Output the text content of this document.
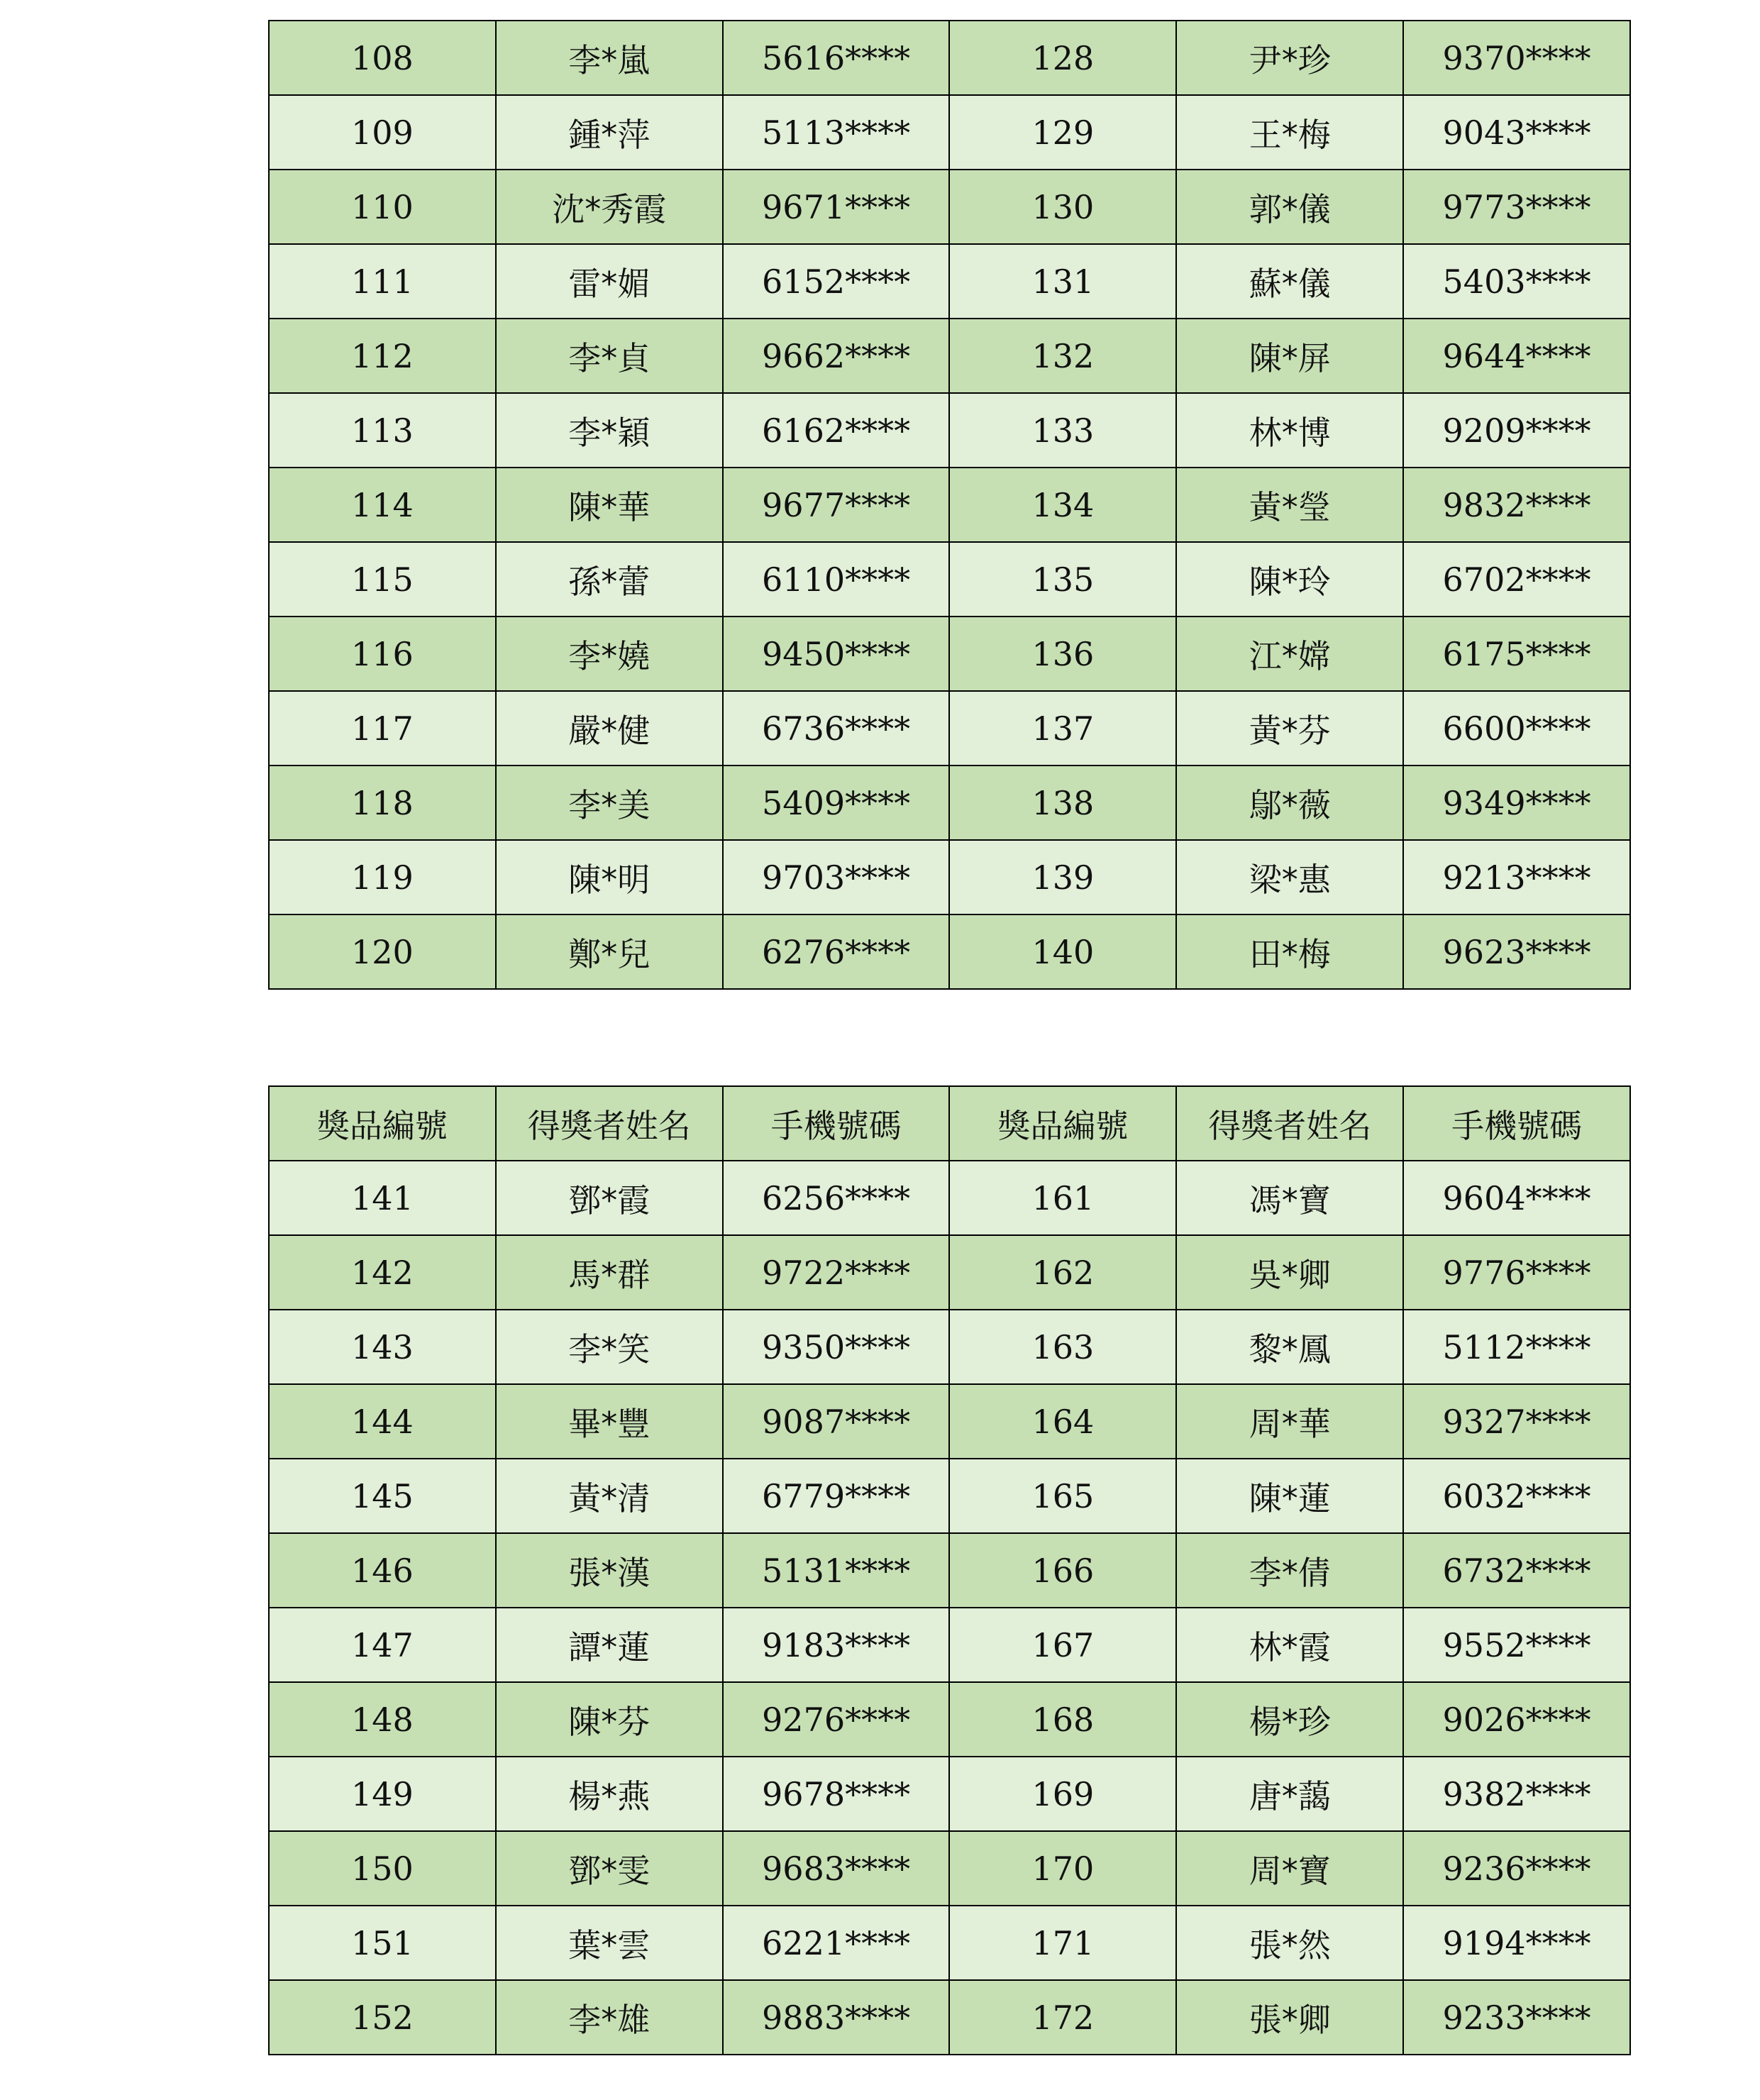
108	李*嵐	5616****	128	尹*珍	9370****
109	鍾*萍	5113****	129	王*梅	9043****
110	沈*秀霞	9671****	130	郭*儀	9773****
111	雷*媚	6152****	131	蘇*儀	5403****
112	李*貞	9662****	132	陳*屏	9644****
113	李*穎	6162****	133	林*博	9209****
114	陳*華	9677****	134	黃*瑩	9832****
115	孫*蕾	6110****	135	陳*玲	6702****
116	李*嬈	9450****	136	江*嫦	6175****
117	嚴*健	6736****	137	黃*芬	6600****
118	李*美	5409****	138	鄔*薇	9349****
119	陳*明	9703****	139	梁*惠	9213****
120	鄭*兒	6276****	140	田*梅	9623****
獎品編號	得獎者姓名	手機號碼	獎品編號	得獎者姓名	手機號碼
141	鄧*霞	6256****	161	馮*寶	9604****
142	馬*群	9722****	162	吳*卿	9776****
143	李*笑	9350****	163	黎*鳳	5112****
144	畢*豐	9087****	164	周*華	9327****
145	黃*清	6779****	165	陳*蓮	6032****
146	張*漢	5131****	166	李*倩	6732****
147	譚*蓮	9183****	167	林*霞	9552****
148	陳*芬	9276****	168	楊*珍	9026****
149	楊*燕	9678****	169	唐*藹	9382****
150	鄧*雯	9683****	170	周*寶	9236****
151	葉*雲	6221****	171	張*然	9194****
152	李*雄	9883****	172	張*卿	9233****
